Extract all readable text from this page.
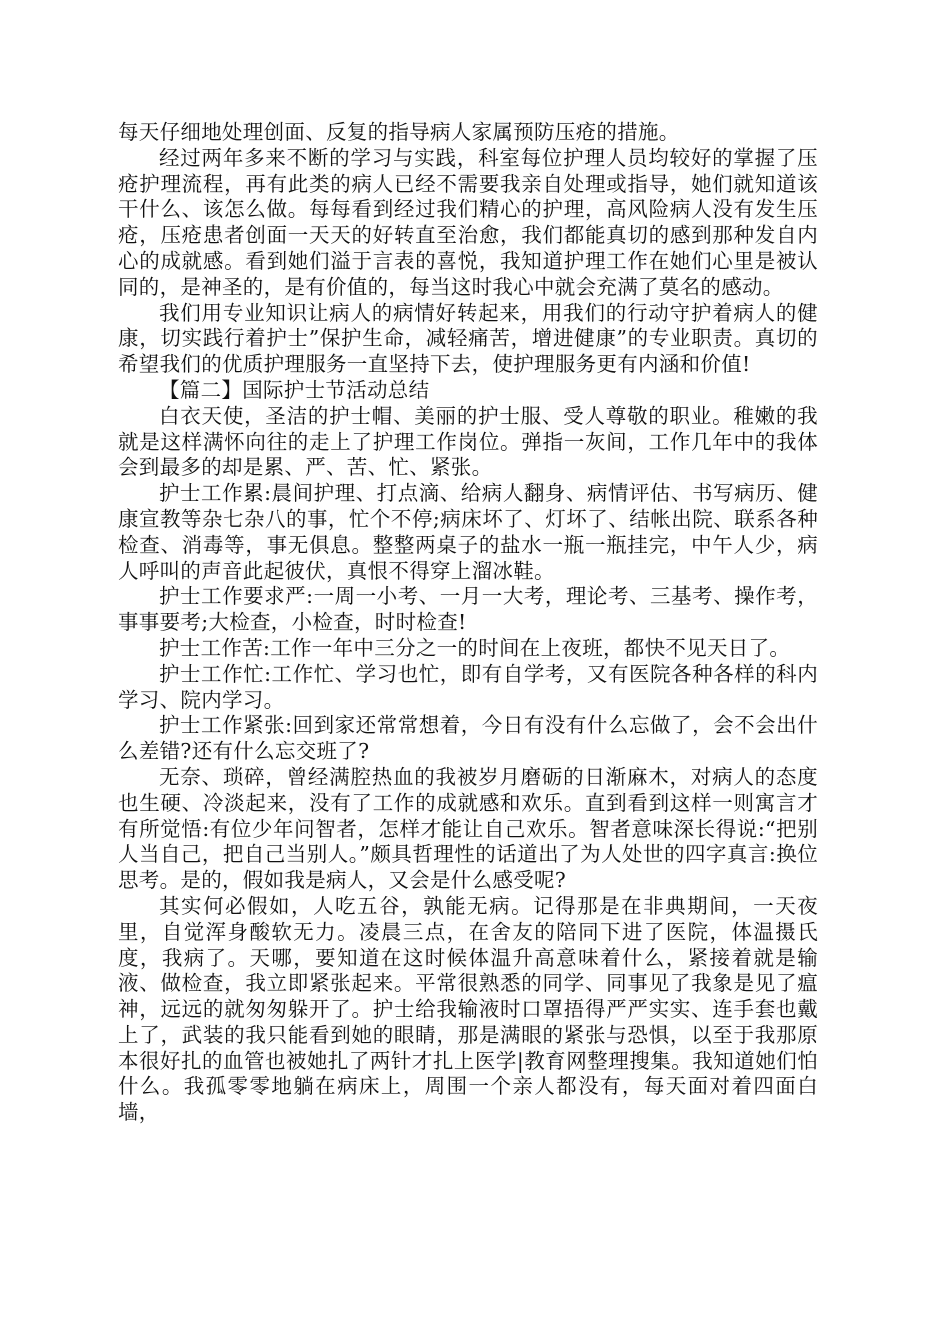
每天仔细地处理创面、反复的指导病人家属预防压疮的措施。

经过两年多来不断的学习与实践，科室每位护理人员均较好的掌握了压疮护理流程，再有此类的病人已经不需要我亲自处理或指导，她们就知道该干什么、该怎么做。每每看到经过我们精心的护理，高风险病人没有发生压疮，压疮患者创面一天天的好转直至治愈，我们都能真切的感到那种发自内心的成就感。看到她们溢于言表的喜悦，我知道护理工作在她们心里是被认同的，是神圣的，是有价值的，每当这时我心中就会充满了莫名的感动。

我们用专业知识让病人的病情好转起来，用我们的行动守护着病人的健康，切实践行着护士”保护生命，减轻痛苦，增进健康”的专业职责。真切的希望我们的优质护理服务一直坚持下去，使护理服务更有内涵和价值!

【篇二】国际护士节活动总结

白衣天使，圣洁的护士帽、美丽的护士服、受人尊敬的职业。稚嫩的我就是这样满怀向往的走上了护理工作岗位。弹指一灰间，工作几年中的我体会到最多的却是累、严、苦、忙、紧张。

护士工作累:晨间护理、打点滴、给病人翻身、病情评估、书写病历、健康宣教等杂七杂八的事，忙个不停;病床坏了、灯坏了、结帐出院、联系各种检查、消毒等，事无俱息。整整两桌子的盐水一瓶一瓶挂完，中午人少，病人呼叫的声音此起彼伏，真恨不得穿上溜冰鞋。

护士工作要求严:一周一小考、一月一大考，理论考、三基考、操作考，事事要考;大检查，小检查，时时检查!

护士工作苦:工作一年中三分之一的时间在上夜班，都快不见天日了。

护士工作忙:工作忙、学习也忙，即有自学考，又有医院各种各样的科内学习、院内学习。

护士工作紧张:回到家还常常想着，今日有没有什么忘做了，会不会出什么差错?还有什么忘交班了?

无奈、琐碎，曾经满腔热血的我被岁月磨砺的日渐麻木，对病人的态度也生硬、冷淡起来，没有了工作的成就感和欢乐。直到看到这样一则寓言才有所觉悟:有位少年问智者，怎样才能让自己欢乐。智者意味深长得说:“把别人当自己，把自己当别人。”颇具哲理性的话道出了为人处世的四字真言:换位思考。是的，假如我是病人，又会是什么感受呢?

其实何必假如，人吃五谷，孰能无病。记得那是在非典期间，一天夜里，自觉浑身酸软无力。凌晨三点，在舍友的陪同下进了医院，体温摄氏度，我病了。天哪，要知道在这时候体温升高意味着什么，紧接着就是输液、做检查，我立即紧张起来。平常很熟悉的同学、同事见了我象是见了瘟神，远远的就匆匆躲开了。护士给我输液时口罩捂得严严实实、连手套也戴上了，武装的我只能看到她的眼睛，那是满眼的紧张与恐惧，以至于我那原本很好扎的血管也被她扎了两针才扎上医学|教育网整理搜集。我知道她们怕什么。我孤零零地躺在病床上，周围一个亲人都没有，每天面对着四面白墙，
